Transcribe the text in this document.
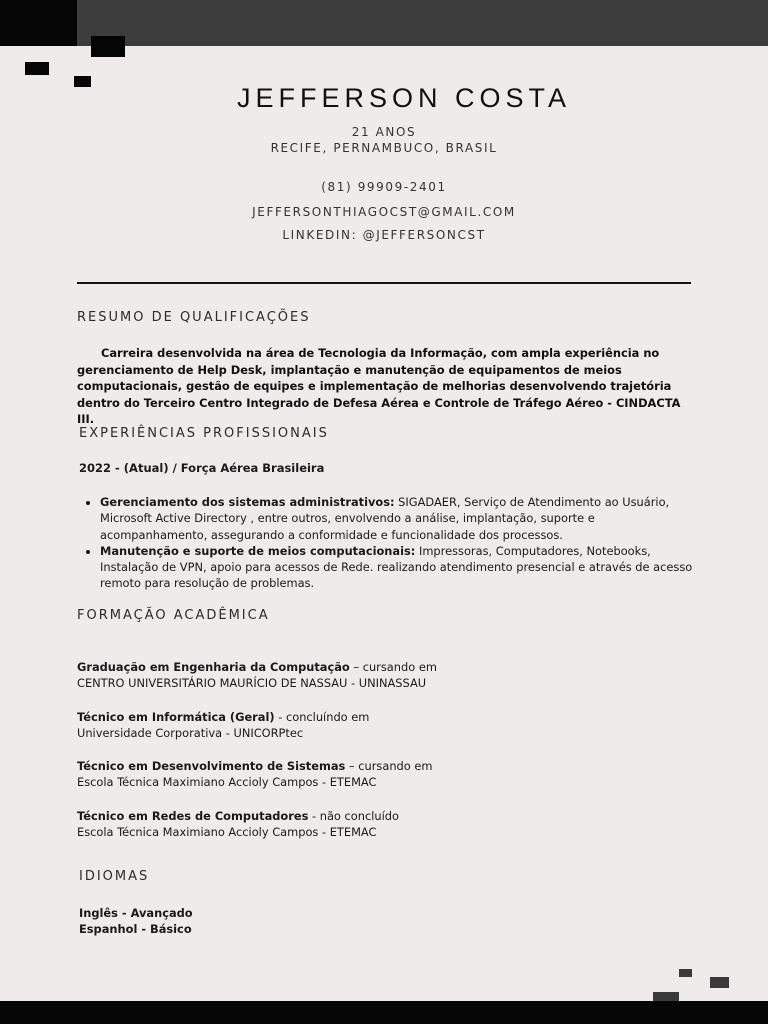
JEFFERSON COSTA
21 ANOS
RECIFE, PERNAMBUCO, BRASIL
(81) 99909-2401
JEFFERSONTHIAGOCST@GMAIL.COM
LINKEDIN: @JEFFERSONCST
RESUMO DE QUALIFICAÇÕES
Carreira desenvolvida na área de Tecnologia da Informação, com ampla experiência no gerenciamento de Help Desk, implantação e manutenção de equipamentos de meios computacionais, gestão de equipes e implementação de melhorias desenvolvendo trajetória dentro do Terceiro Centro Integrado de Defesa Aérea e Controle de Tráfego Aéreo - CINDACTA III.
EXPERIÊNCIAS PROFISSIONAIS
2022 - (Atual) / Força Aérea Brasileira
• Gerenciamento dos sistemas administrativos: SIGADAER, Serviço de Atendimento ao Usuário, Microsoft Active Directory , entre outros, envolvendo a análise, implantação, suporte e acompanhamento, assegurando a conformidade e funcionalidade dos processos.
• Manutenção e suporte de meios computacionais: Impressoras, Computadores, Notebooks, Instalação de VPN, apoio para acessos de Rede. realizando atendimento presencial e através de acesso remoto para resolução de problemas.
FORMAÇÃO ACADÊMICA
Graduação em Engenharia da Computação – cursando em
CENTRO UNIVERSITÁRIO MAURÍCIO DE NASSAU - UNINASSAU
Técnico em Informática (Geral) - concluíndo em
Universidade Corporativa - UNICORPtec
Técnico em Desenvolvimento de Sistemas – cursando em
Escola Técnica Maximiano Accioly Campos - ETEMAC
Técnico em Redes de Computadores - não concluído
Escola Técnica Maximiano Accioly Campos - ETEMAC
IDIOMAS
Inglês - Avançado
Espanhol - Básico
